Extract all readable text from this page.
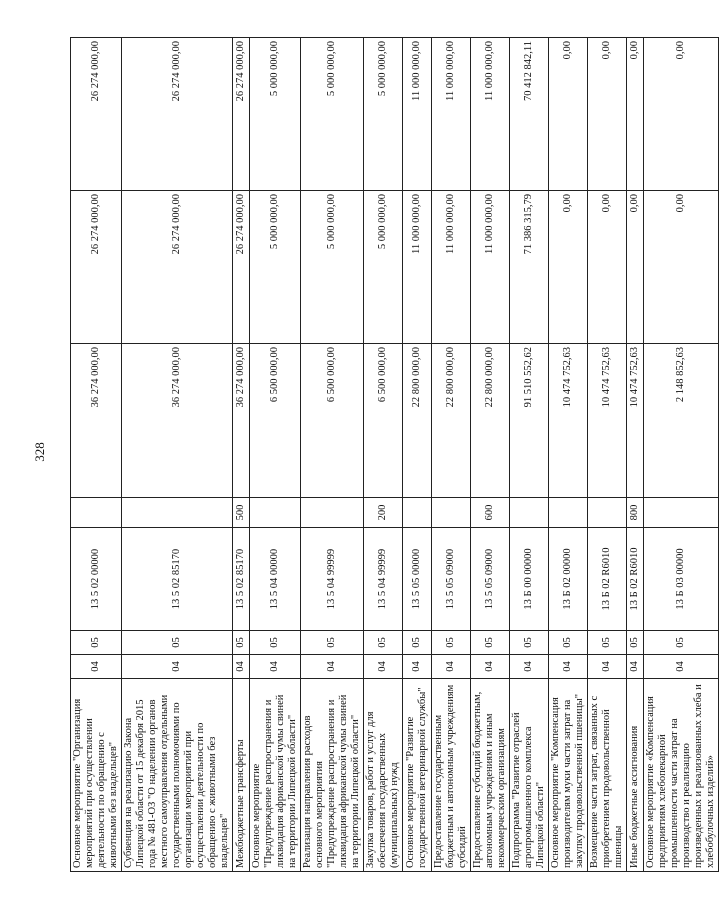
328
Основное мероприятие "Организация мероприятий при осуществлении деятельности по обращению с животными без владельцев"	04	05	13 5 02 00000		36 274 000,00	26 274 000,00	26 274 000,00
Субвенция на реализацию Закона Липецкой области от 15 декабря 2015 года № 481-ОЗ "О наделении органов местного самоуправления отдельными государственными полномочиями по организации мероприятий при осуществлении деятельности по обращению с животными без владельцев"	04	05	13 5 02 85170		36 274 000,00	26 274 000,00	26 274 000,00
Межбюджетные трансферты	04	05	13 5 02 85170	500	36 274 000,00	26 274 000,00	26 274 000,00
Основное мероприятие "Предупреждение распространения и ликвидация африканской чумы свиней на территории Липецкой области"	04	05	13 5 04 00000		6 500 000,00	5 000 000,00	5 000 000,00
Реализация направления расходов основного мероприятия "Предупреждение распространения и ликвидация африканской чумы свиней на территории Липецкой области"	04	05	13 5 04 99999		6 500 000,00	5 000 000,00	5 000 000,00
Закупка товаров, работ и услуг для обеспечения государственных (муниципальных) нужд	04	05	13 5 04 99999	200	6 500 000,00	5 000 000,00	5 000 000,00
Основное мероприятие "Развитие государственной ветеринарной службы"	04	05	13 5 05 00000		22 800 000,00	11 000 000,00	11 000 000,00
Предоставление государственным бюджетным и автономным учреждениям субсидий	04	05	13 5 05 09000		22 800 000,00	11 000 000,00	11 000 000,00
Предоставление субсидий бюджетным, автономным учреждениям и иным некоммерческим организациям	04	05	13 5 05 09000	600	22 800 000,00	11 000 000,00	11 000 000,00
Подпрограмма "Развитие отраслей агропромышленного комплекса Липецкой области"	04	05	13 Б 00 00000		91 510 552,62	71 386 315,79	70 412 842,11
Основное мероприятие "Компенсация производителям муки части затрат на закупку продовольственной пшеницы"	04	05	13 Б 02 00000		10 474 752,63	0,00	0,00
Возмещение части затрат, связанных с приобретением продовольственной пшеницы	04	05	13 Б 02 R6010		10 474 752,63	0,00	0,00
Иные бюджетные ассигнования	04	05	13 Б 02 R6010	800	10 474 752,63	0,00	0,00
Основное мероприятие «Компенсация предприятиям хлебопекарной промышленности части затрат на производство и реализацию произведенных и реализованных хлеба и хлебобулочных изделий»	04	05	13 Б 03 00000		2 148 852,63	0,00	0,00
